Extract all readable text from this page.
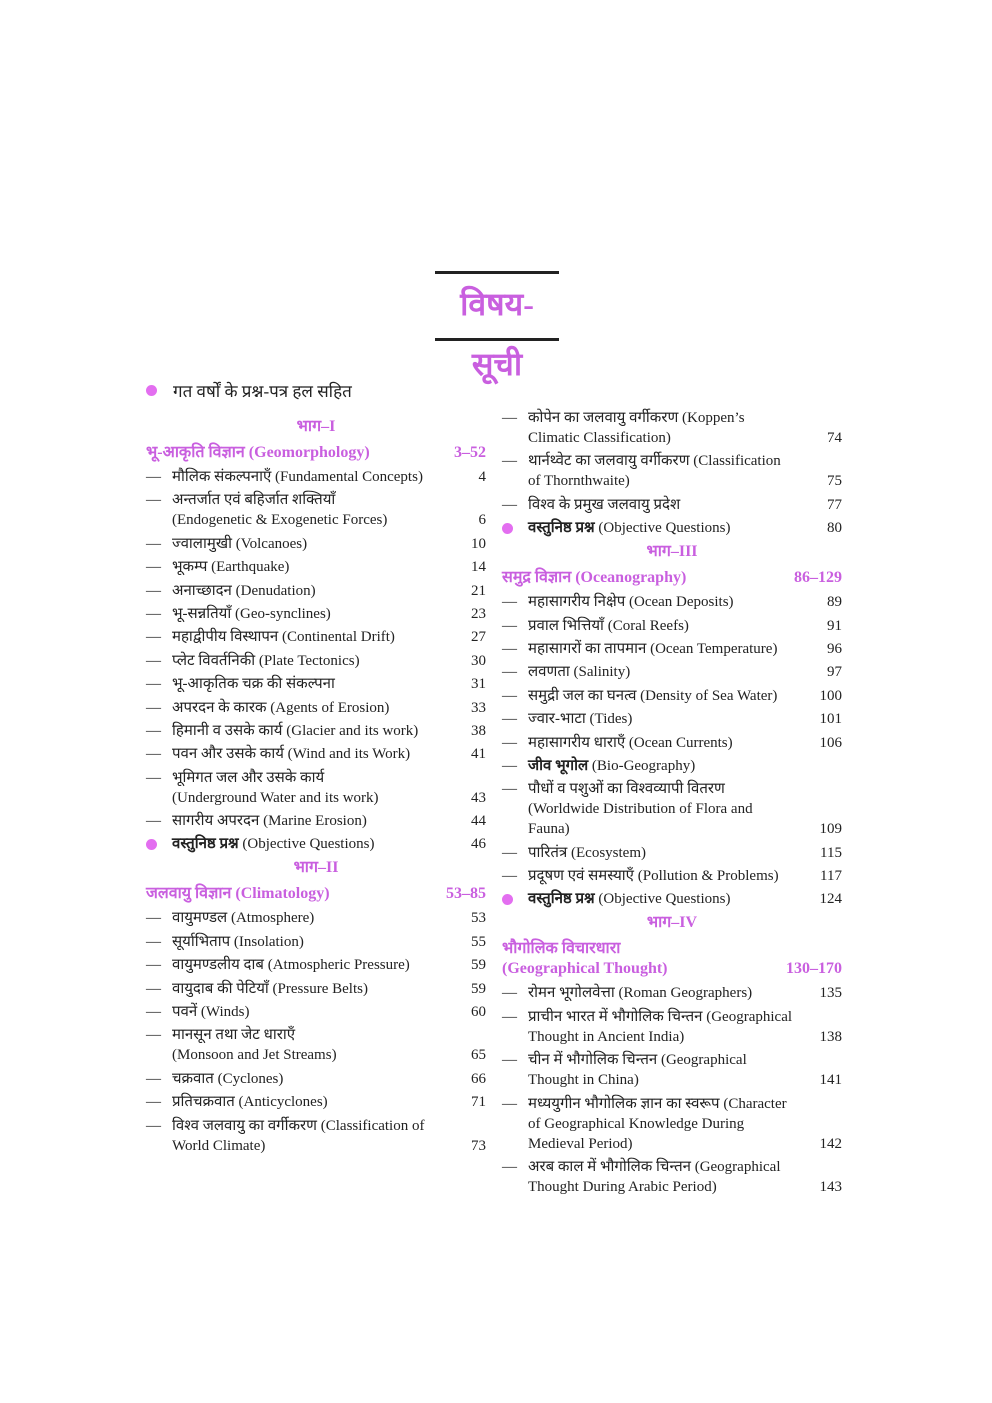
विषय-सूची
गत वर्षों के प्रश्न-पत्र हल सहित
भाग–I
भू-आकृति विज्ञान (Geomorphology)	3–52
— मौलिक संकल्पनाएँ (Fundamental Concepts)	4
— अन्तर्जात एवं बहिर्जात शक्तियाँ
(Endogenetic & Exogenetic Forces)	6
— ज्वालामुखी (Volcanoes)	10
— भूकम्प (Earthquake)	14
— अनाच्छादन (Denudation)	21
— भू-सन्नतियाँ (Geo-synclines)	23
— महाद्वीपीय विस्थापन (Continental Drift)	27
— प्लेट विवर्तनिकी (Plate Tectonics)	30
— भू-आकृतिक चक्र की संकल्पना	31
— अपरदन के कारक (Agents of Erosion)	33
— हिमानी व उसके कार्य (Glacier and its work)	38
— पवन और उसके कार्य (Wind and its Work)	41
— भूमिगत जल और उसके कार्य
(Underground Water and its work)	43
— सागरीय अपरदन (Marine Erosion)	44
वस्तुनिष्ठ प्रश्न (Objective Questions)	46
भाग–II
जलवायु विज्ञान (Climatology)	53–85
— वायुमण्डल (Atmosphere)	53
— सूर्याभिताप (Insolation)	55
— वायुमण्डलीय दाब (Atmospheric Pressure)	59
— वायुदाब की पेटियाँ (Pressure Belts)	59
— पवनें (Winds)	60
— मानसून तथा जेट धाराएँ
(Monsoon and Jet Streams)	65
— चक्रवात (Cyclones)	66
— प्रतिचक्रवात (Anticyclones)	71
— विश्व जलवायु का वर्गीकरण (Classification of
World Climate)	73
— कोपेन का जलवायु वर्गीकरण (Koppen’s
Climatic Classification)	74
— थार्नथ्वेट का जलवायु वर्गीकरण (Classification
of Thornthwaite)	75
— विश्व के प्रमुख जलवायु प्रदेश	77
वस्तुनिष्ठ प्रश्न (Objective Questions)	80
भाग–III
समुद्र विज्ञान (Oceanography)	86–129
— महासागरीय निक्षेप (Ocean Deposits)	89
— प्रवाल भित्तियाँ (Coral Reefs)	91
— महासागरों का तापमान (Ocean Temperature)	96
— लवणता (Salinity)	97
— समुद्री जल का घनत्व (Density of Sea Water)	100
— ज्वार-भाटा (Tides)	101
— महासागरीय धाराएँ (Ocean Currents)	106
— जीव भूगोल (Bio-Geography)
— पौधों व पशुओं का विश्वव्यापी वितरण
(Worldwide Distribution of Flora and
Fauna)	109
— पारितंत्र (Ecosystem)	115
— प्रदूषण एवं समस्याएँ (Pollution & Problems)	117
वस्तुनिष्ठ प्रश्न (Objective Questions)	124
भाग–IV
भौगोलिक विचारधारा
(Geographical Thought)	130–170
— रोमन भूगोलवेत्ता (Roman Geographers)	135
— प्राचीन भारत में भौगोलिक चिन्तन (Geographical
Thought in Ancient India)	138
— चीन में भौगोलिक चिन्तन (Geographical
Thought in China)	141
— मध्ययुगीन भौगोलिक ज्ञान का स्वरूप (Character
of Geographical Knowledge During
Medieval Period)	142
— अरब काल में भौगोलिक चिन्तन (Geographical
Thought During Arabic Period)	143
